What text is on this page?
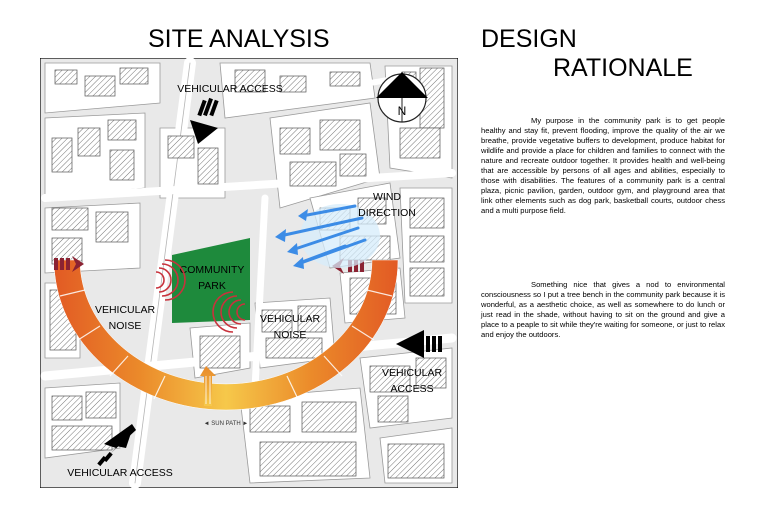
SITE ANALYSIS	DESIGN
RATIONALE
COMMUNITY
PARK
◄ SUN PATH ►
VEHICULAR
NOISE
VEHICULAR
NOISE
WIND
DIRECTION
N
VEHICULAR ACCESS
VEHICULAR
ACCESS
VEHICULAR ACCESS
My purpose in the community park is to get people healthy and stay fit, prevent flooding, improve the quality of the air we breathe, provide vegetative buffers to development, produce habitat for wildlife and provide a place for children and families to connect with the nature and recreate outdoor together. It provides health and well-being that are accessible by persons of all ages and abilities, especially to those with disabilities. The features of a community park is a central plaza, picnic pavilion, garden, outdoor gym, and playground area that link other elements such as dog park, basketball courts, outdoor chess and a multi purpose field.
Something nice that gives a nod to environmental consciousness so I put a tree bench in the community park because it is wonderful, as a aesthetic choice, as well as somewhere to do lunch or just read in the shade, without having to sit on the ground and give a place to a peaple to sit while they're waiting for someone, or just to relax and enjoy the outdoors.
